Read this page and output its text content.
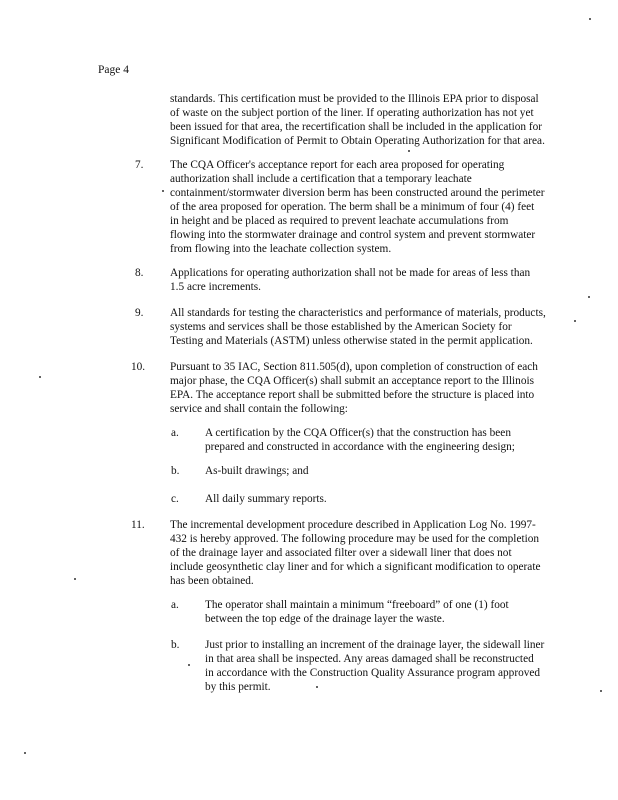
Page 4
standards. This certification must be provided to the Illinois EPA prior to disposal
of waste on the subject portion of the liner. If operating authorization has not yet
been issued for that area, the recertification shall be included in the application for
Significant Modification of Permit to Obtain Operating Authorization for that area.
7. The CQA Officer's acceptance report for each area proposed for operating
authorization shall include a certification that a temporary leachate
containment/stormwater diversion berm has been constructed around the perimeter
of the area proposed for operation. The berm shall be a minimum of four (4) feet
in height and be placed as required to prevent leachate accumulations from
flowing into the stormwater drainage and control system and prevent stormwater
from flowing into the leachate collection system.
8. Applications for operating authorization shall not be made for areas of less than
1.5 acre increments.
9. All standards for testing the characteristics and performance of materials, products,
systems and services shall be those established by the American Society for
Testing and Materials (ASTM) unless otherwise stated in the permit application.
10. Pursuant to 35 IAC, Section 811.505(d), upon completion of construction of each
major phase, the CQA Officer(s) shall submit an acceptance report to the Illinois
EPA. The acceptance report shall be submitted before the structure is placed into
service and shall contain the following:
a. A certification by the CQA Officer(s) that the construction has been
prepared and constructed in accordance with the engineering design;
b. As-built drawings; and
c. All daily summary reports.
11. The incremental development procedure described in Application Log No. 1997-
432 is hereby approved. The following procedure may be used for the completion
of the drainage layer and associated filter over a sidewall liner that does not
include geosynthetic clay liner and for which a significant modification to operate
has been obtained.
a. The operator shall maintain a minimum “freeboard” of one (1) foot
between the top edge of the drainage layer the waste.
b. Just prior to installing an increment of the drainage layer, the sidewall liner
in that area shall be inspected. Any areas damaged shall be reconstructed
in accordance with the Construction Quality Assurance program approved
by this permit.
